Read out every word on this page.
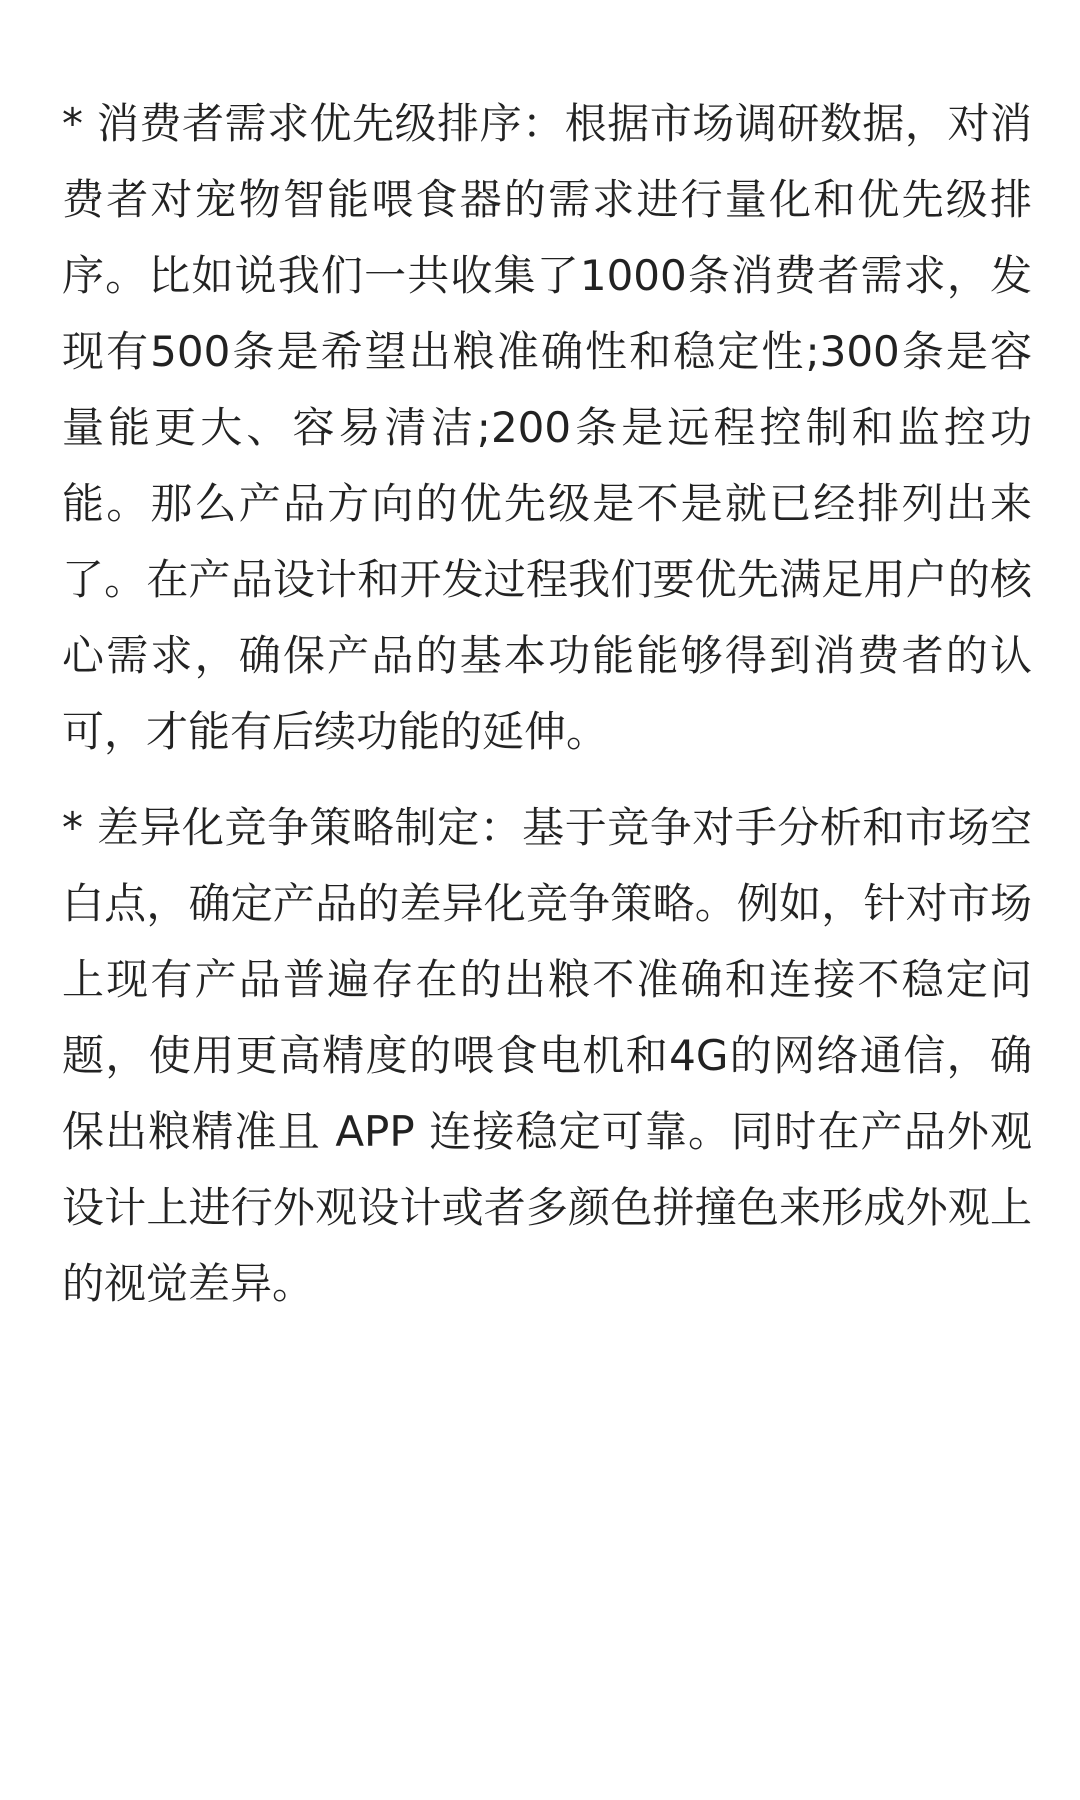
* 消费者需求优先级排序：根据市场调研数据，对消费者对宠物智能喂食器的需求进行量化和优先级排序。比如说我们一共收集了1000条消费者需求，发现有500条是希望出粮准确性和稳定性;300条是容量能更大、容易清洁;200条是远程控制和监控功能。那么产品方向的优先级是不是就已经排列出来了。在产品设计和开发过程我们要优先满足用户的核心需求，确保产品的基本功能能够得到消费者的认可，才能有后续功能的延伸。

* 差异化竞争策略制定：基于竞争对手分析和市场空白点，确定产品的差异化竞争策略。例如，针对市场上现有产品普遍存在的出粮不准确和连接不稳定问题，使用更高精度的喂食电机和4G的网络通信，确保出粮精准且 APP 连接稳定可靠。同时在产品外观设计上进行外观设计或者多颜色拼撞色来形成外观上的视觉差异。
